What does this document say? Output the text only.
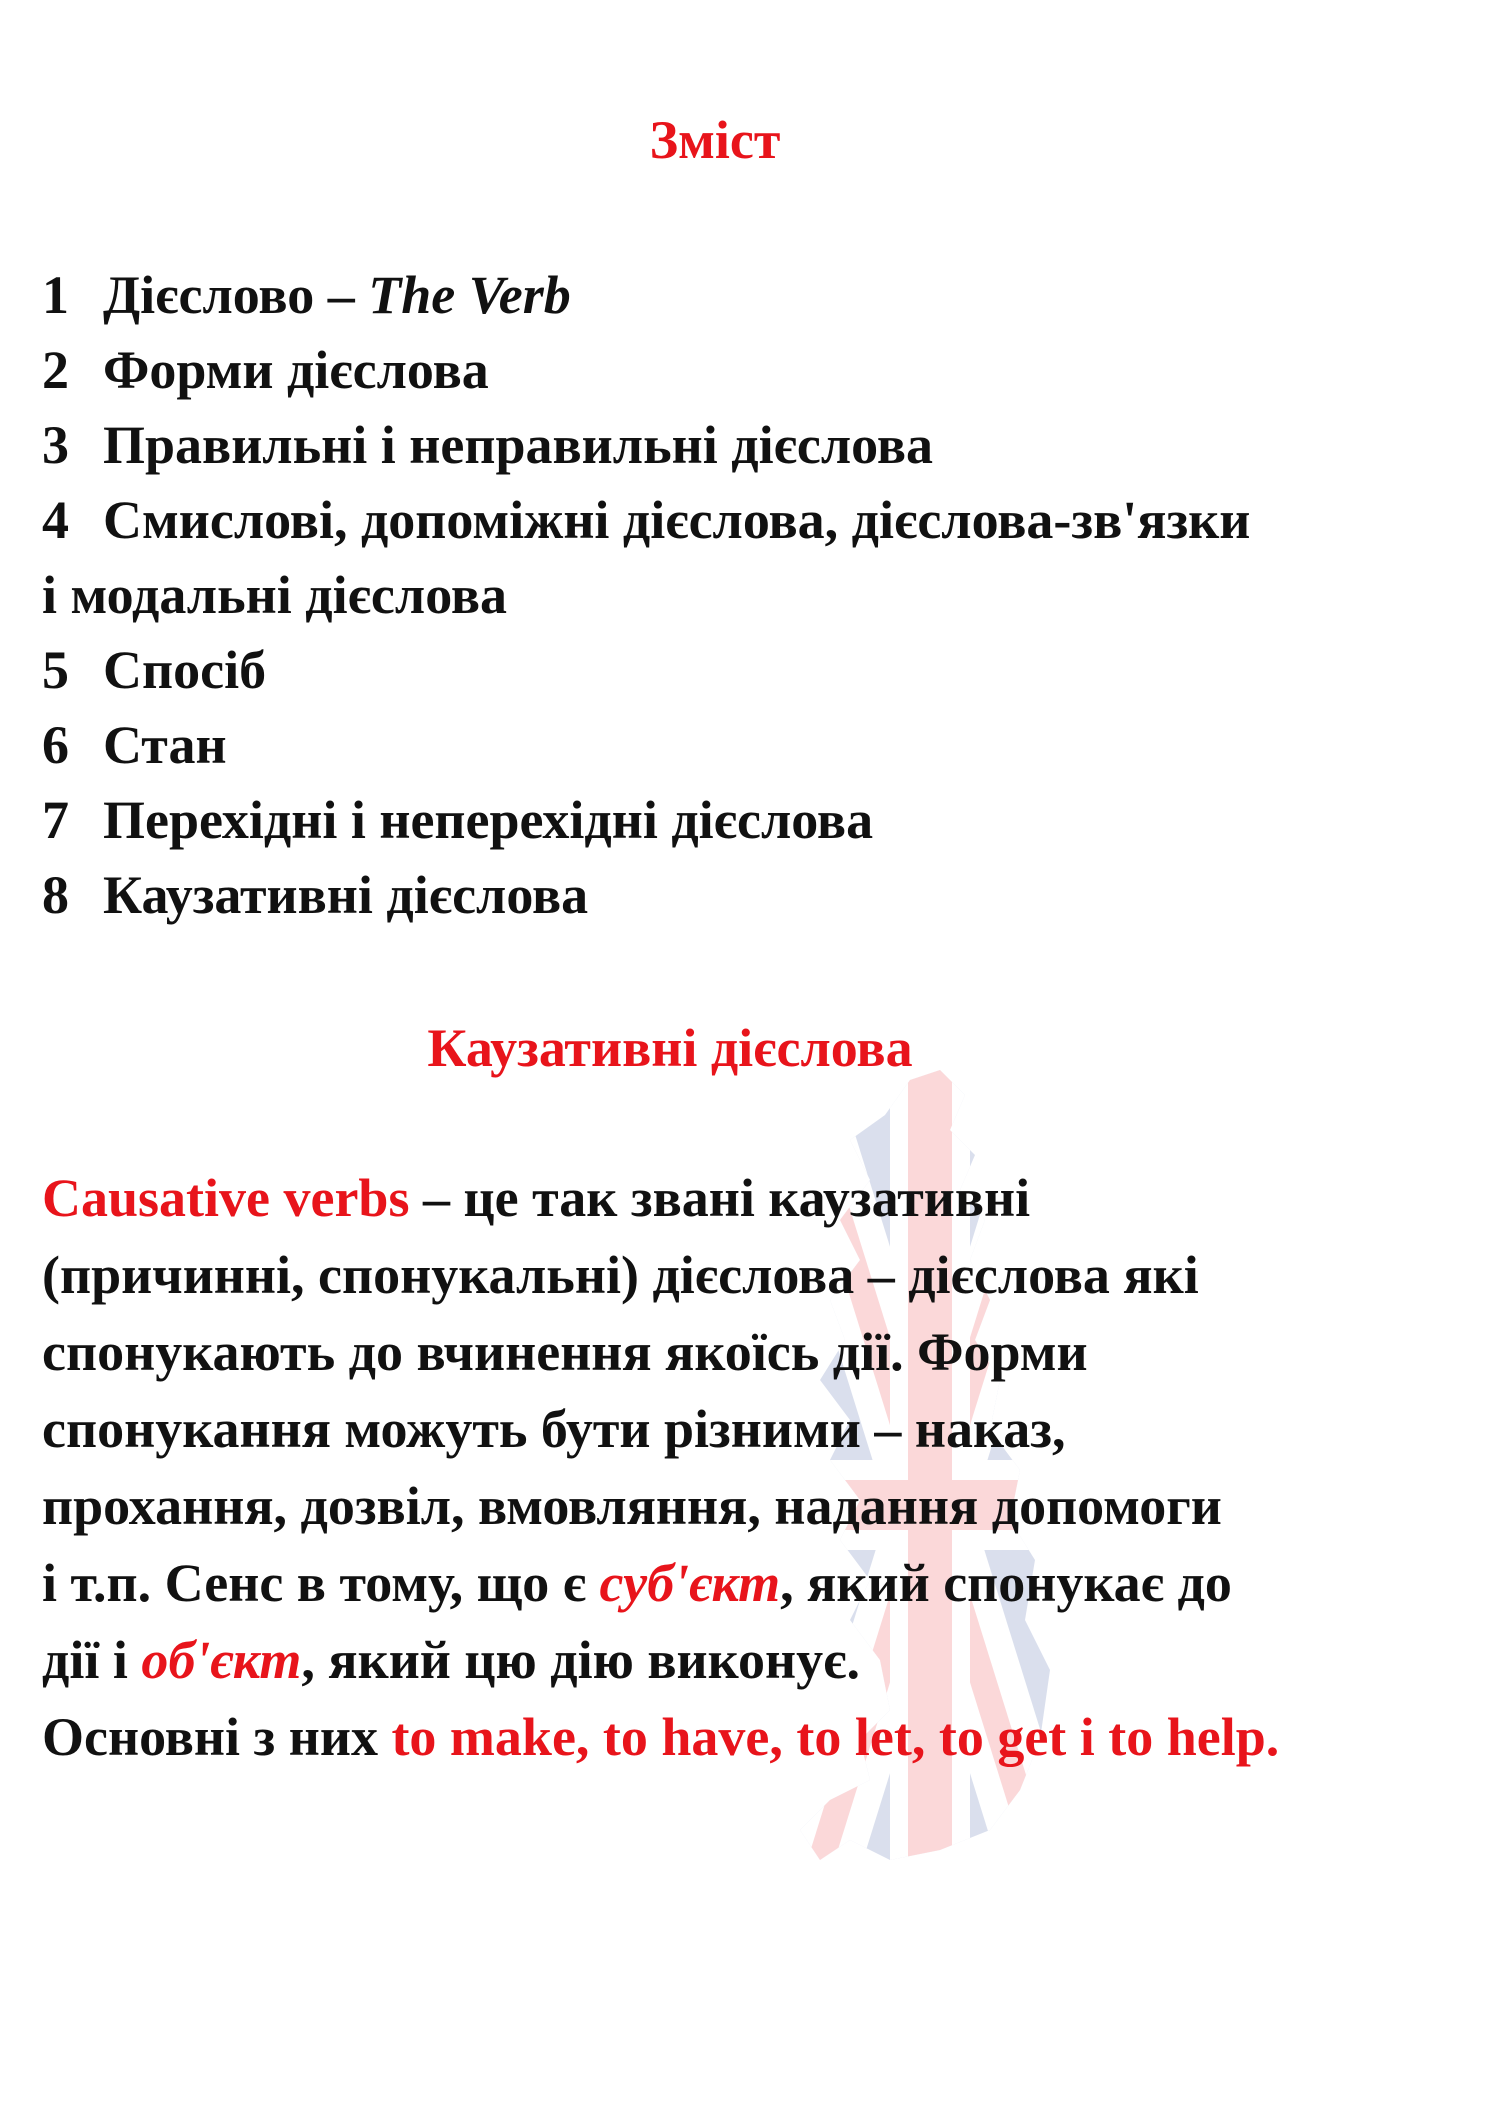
Зміст
1 Дієслово – The Verb
2 Форми дієслова
3 Правильні і неправильні дієслова
4 Смислові, допоміжні дієслова, дієслова-зв'язки
і модальні дієслова
5 Спосіб
6 Стан
7 Перехідні і неперехідні дієслова
8 Каузативні дієслова
Каузативні дієслова

Causative verbs – це так звані каузативні
(причинні, спонукальні) дієслова – дієслова які
спонукають до вчинення якоїсь дії. Форми
спонукання можуть бути різними – наказ,
прохання, дозвіл, вмовляння, надання допомоги
і т.п. Сенс в тому, що є суб'єкт, який спонукає до
дії і об'єкт, який цю дію виконує.
Основні з них to make, to have, to let, to get і to help.
